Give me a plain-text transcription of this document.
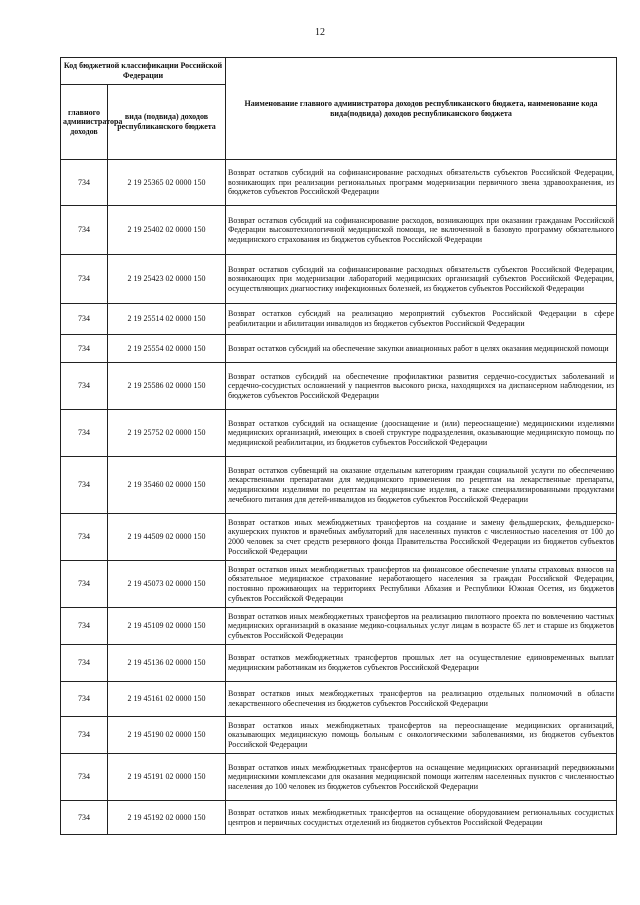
12
Код бюджетной классификации Российской Федерации		Наименование главного администратора доходов республиканского бюджета, наименование кода вида(подвида) доходов республиканского бюджета
главного администратора доходов	вида (подвида) доходов республиканского бюджета	
734	2 19 25365 02 0000 150	Возврат остатков субсидий на софинансирование расходных обязательств субъектов Российской Федерации, возникающих при реализации региональных программ модернизации первичного звена здравоохранения, из бюджетов субъектов Российской Федерации
734	2 19 25402 02 0000 150	Возврат остатков субсидий на софинансирование расходов, возникающих при оказании гражданам Российской Федерации высокотехнологичной медицинской помощи, не включенной в базовую программу обязательного медицинского страхования из бюджетов субъектов Российской Федерации
734	2 19 25423 02 0000 150	Возврат остатков субсидий на софинансирование расходных обязательств субъектов Российской Федерации, возникающих при модернизации лабораторий медицинских организаций субъектов Российской Федерации, осуществляющих диагностику инфекционных болезней, из бюджетов субъектов Российской Федерации
734	2 19 25514 02 0000 150	Возврат остатков субсидий на реализацию мероприятий субъектов Российской Федерации в сфере реабилитации и абилитации инвалидов из бюджетов субъектов Российской Федерации
734	2 19 25554 02 0000 150	Возврат остатков субсидий на обеспечение закупки авиационных работ в целях оказания медицинской помощи
734	2 19 25586 02 0000 150	Возврат остатков субсидий на обеспечение профилактики развития сердечно-сосудистых заболеваний и сердечно-сосудистых осложнений у пациентов высокого риска, находящихся на диспансерном наблюдении, из бюджетов субъектов Российской Федерации
734	2 19 25752 02 0000 150	Возврат остатков субсидий на оснащение (дооснащение и (или) переоснащение) медицинскими изделиями медицинских организаций, имеющих в своей структуре подразделения, оказывающие медицинскую помощь по медицинской реабилитации, из бюджетов субъектов Российской Федерации
734	2 19 35460 02 0000 150	Возврат остатков субвенций на оказание отдельным категориям граждан социальной услуги по обеспечению лекарственными препаратами для медицинского применения по рецептам на лекарственные препараты, медицинскими изделиями по рецептам на медицинские изделия, а также специализированными продуктами лечебного питания для детей-инвалидов из бюджетов субъектов Российской Федерации
734	2 19 44509 02 0000 150	Возврат остатков иных межбюджетных трансфертов на создание и замену фельдшерских, фельдшерско-акушерских пунктов и врачебных амбулаторий для населенных пунктов с численностью населения от 100 до 2000 человек за счет средств резервного фонда Правительства Российской Федерации из бюджетов субъектов Российской Федерации
734	2 19 45073 02 0000 150	Возврат остатков иных межбюджетных трансфертов на финансовое обеспечение уплаты страховых взносов на обязательное медицинское страхование неработающего населения за граждан Российской Федерации, постоянно проживающих на территориях Республики Абхазия и Республики Южная Осетия, из бюджетов субъектов Российской Федерации
734	2 19 45109 02 0000 150	Возврат остатков иных межбюджетных трансфертов на реализацию пилотного проекта по вовлечению частных медицинских организаций в оказание медико-социальных услуг лицам в возрасте 65 лет и старше из бюджетов субъектов Российской Федерации
734	2 19 45136 02 0000 150	Возврат остатков межбюджетных трансфертов прошлых лет на осуществление единовременных выплат медицинским работникам из бюджетов субъектов Российской Федерации
734	2 19 45161 02 0000 150	Возврат остатков иных межбюджетных трансфертов на реализацию отдельных полномочий в области лекарственного обеспечения из бюджетов субъектов Российской Федерации
734	2 19 45190 02 0000 150	Возврат остатков иных межбюджетных трансфертов на переоснащение медицинских организаций, оказывающих медицинскую помощь больным с онкологическими заболеваниями, из бюджетов субъектов Российской Федерации
734	2 19 45191 02 0000 150	Возврат остатков иных межбюджетных трансфертов на оснащение медицинских организаций передвижными медицинскими комплексами для оказания медицинской помощи жителям населенных пунктов с численностью населения до 100 человек из бюджетов субъектов Российской Федерации
734	2 19 45192 02 0000 150	Возврат остатков иных межбюджетных трансфертов на оснащение оборудованием региональных сосудистых центров и первичных сосудистых отделений из бюджетов субъектов Российской Федерации
